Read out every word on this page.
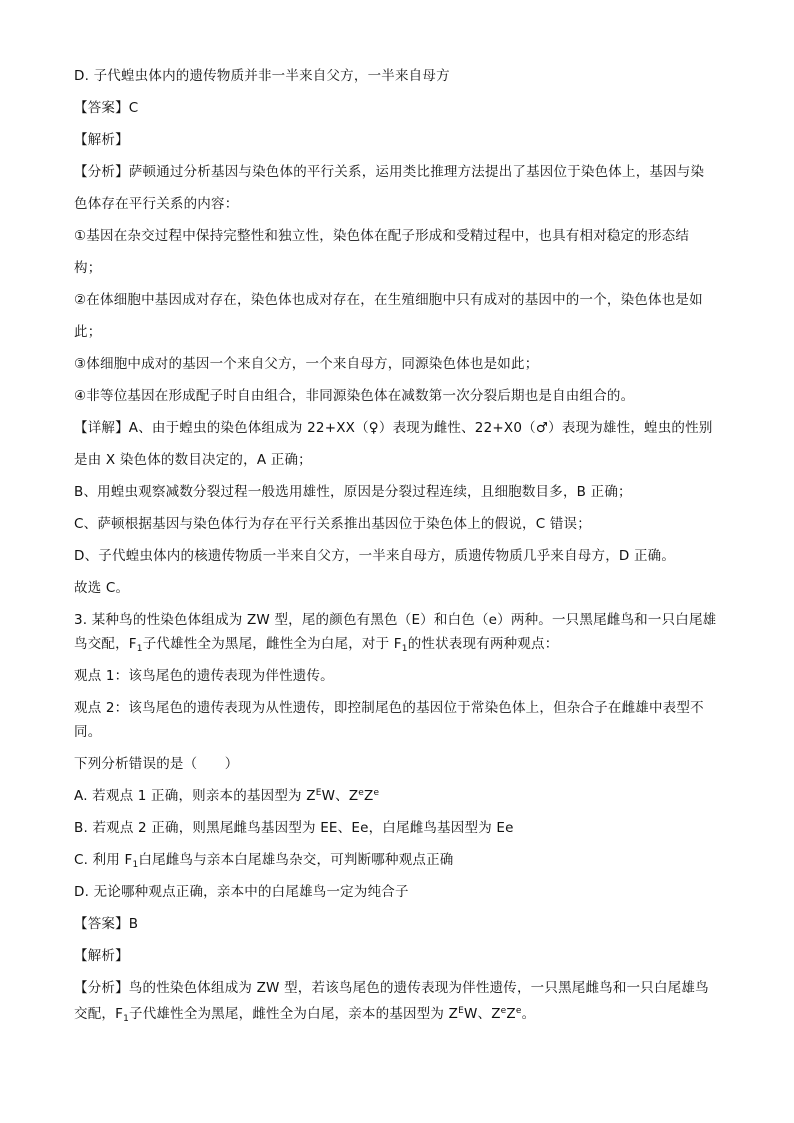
D. 子代蝗虫体内的遗传物质并非一半来自父方，一半来自母方
【答案】C
【解析】
【分析】萨顿通过分析基因与染色体的平行关系，运用类比推理方法提出了基因位于染色体上，基因与染
色体存在平行关系的内容：
①基因在杂交过程中保持完整性和独立性，染色体在配子形成和受精过程中，也具有相对稳定的形态结
构；
②在体细胞中基因成对存在，染色体也成对存在，在生殖细胞中只有成对的基因中的一个，染色体也是如
此；
③体细胞中成对的基因一个来自父方，一个来自母方，同源染色体也是如此；
④非等位基因在形成配子时自由组合，非同源染色体在减数第一次分裂后期也是自由组合的。
【详解】A、由于蝗虫的染色体组成为 22+XX（♀）表现为雌性、22+X0（♂）表现为雄性，蝗虫的性别
是由 X 染色体的数目决定的，A 正确；
B、用蝗虫观察减数分裂过程一般选用雄性，原因是分裂过程连续，且细胞数目多，B 正确；
C、萨顿根据基因与染色体行为存在平行关系推出基因位于染色体上的假说，C 错误；
D、子代蝗虫体内的核遗传物质一半来自父方，一半来自母方，质遗传物质几乎来自母方，D 正确。
故选 C。
3. 某种鸟的性染色体组成为 ZW 型，尾的颜色有黑色（E）和白色（e）两种。一只黑尾雌鸟和一只白尾雄
鸟交配，$F_1$子代雄性全为黑尾，雌性全为白尾，对于 $F_1$的性状表现有两种观点：
观点 1：该鸟尾色的遗传表现为伴性遗传。
观点 2：该鸟尾色的遗传表现为从性遗传，即控制尾色的基因位于常染色体上，但杂合子在雌雄中表型不
同。
下列分析错误的是（　　）
A. 若观点 1 正确，则亲本的基因型为 $Z^EW$、$Z^eZ^e$
B. 若观点 2 正确，则黑尾雌鸟基因型为 EE、Ee，白尾雌鸟基因型为 Ee
C. 利用 $F_1$白尾雌鸟与亲本白尾雄鸟杂交，可判断哪种观点正确
D. 无论哪种观点正确，亲本中的白尾雄鸟一定为纯合子
【答案】B
【解析】
【分析】鸟的性染色体组成为 ZW 型，若该鸟尾色的遗传表现为伴性遗传，一只黑尾雌鸟和一只白尾雄鸟
交配，$F_1$子代雄性全为黑尾，雌性全为白尾，亲本的基因型为 $Z^EW$、$Z^eZ^e$。
